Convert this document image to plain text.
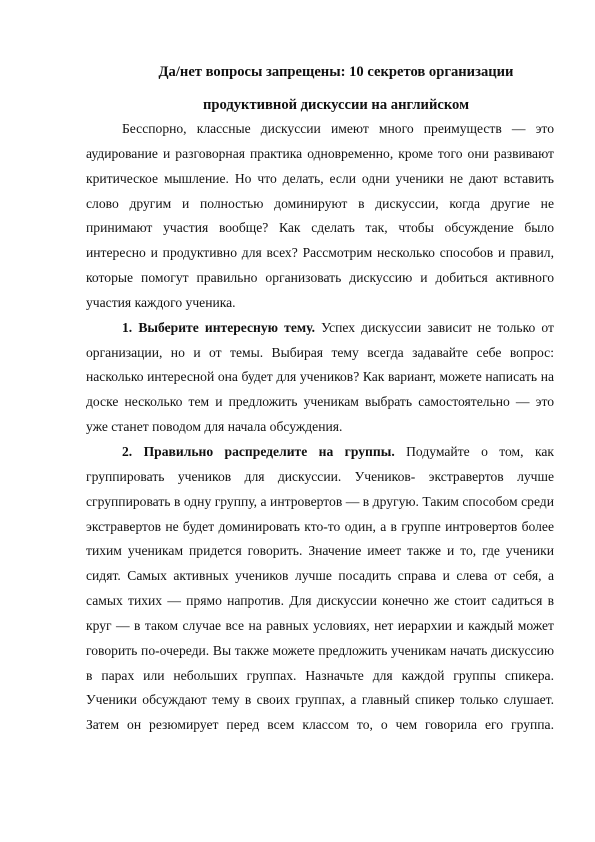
Да/нет вопросы запрещены: 10 секретов организации
продуктивной дискуссии на английском

Бесспорно, классные дискуссии имеют много преимуществ — это аудирование и разговорная практика одновременно, кроме того они развивают критическое мышление. Но что делать, если одни ученики не дают вставить слово другим и полностью доминируют в дискуссии, когда другие не принимают участия вообще? Как сделать так, чтобы обсуждение было интересно и продуктивно для всех? Рассмотрим несколько способов и правил, которые помогут правильно организовать дискуссию и добиться активного участия каждого ученика.

1. Выберите интересную тему. Успех дискуссии зависит не только от организации, но и от темы. Выбирая тему всегда задавайте себе вопрос: насколько интересной она будет для учеников? Как вариант, можете написать на доске несколько тем и предложить ученикам выбрать самостоятельно — это уже станет поводом для начала обсуждения.

2. Правильно распределите на группы. Подумайте о том, как группировать учеников для дискуссии. Учеников- экстравертов лучше сгруппировать в одну группу, а интровертов — в другую. Таким способом среди экстравертов не будет доминировать кто-то один, а в группе интровертов более тихим ученикам придется говорить. Значение имеет также и то, где ученики сидят. Самых активных учеников лучше посадить справа и слева от себя, а самых тихих — прямо напротив. Для дискуссии конечно же стоит садиться в круг — в таком случае все на равных условиях, нет иерархии и каждый может говорить по-очереди. Вы также можете предложить ученикам начать дискуссию в парах или небольших группах. Назначьте для каждой группы спикера. Ученики обсуждают тему в своих группах, а главный спикер только слушает. Затем он резюмирует перед всем классом то, о чем говорила его группа.
